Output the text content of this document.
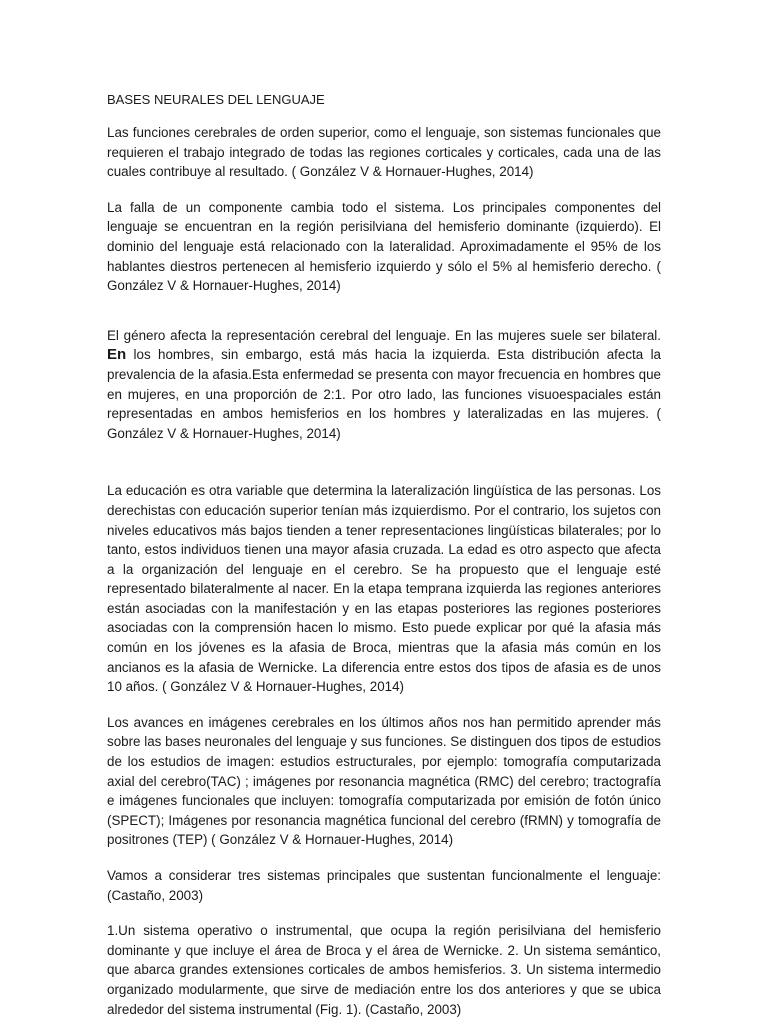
BASES NEURALES DEL LENGUAJE

Las funciones cerebrales de orden superior, como el lenguaje, son sistemas funcionales que requieren el trabajo integrado de todas las regiones corticales y corticales, cada una de las cuales contribuye al resultado. ( González V & Hornauer-Hughes, 2014)

La falla de un componente cambia todo el sistema. Los principales componentes del lenguaje se encuentran en la región perisilviana del hemisferio dominante (izquierdo). El dominio del lenguaje está relacionado con la lateralidad. Aproximadamente el 95% de los hablantes diestros pertenecen al hemisferio izquierdo y sólo el 5% al hemisferio derecho. ( González V & Hornauer-Hughes, 2014)

El género afecta la representación cerebral del lenguaje. En las mujeres suele ser bilateral. En los hombres, sin embargo, está más hacia la izquierda. Esta distribución afecta la prevalencia de la afasia.Esta enfermedad se presenta con mayor frecuencia en hombres que en mujeres, en una proporción de 2:1. Por otro lado, las funciones visuoespaciales están representadas en ambos hemisferios en los hombres y lateralizadas en las mujeres. ( González V & Hornauer-Hughes, 2014)

La educación es otra variable que determina la lateralización lingüística de las personas. Los derechistas con educación superior tenían más izquierdismo. Por el contrario, los sujetos con niveles educativos más bajos tienden a tener representaciones lingüísticas bilaterales; por lo tanto, estos individuos tienen una mayor afasia cruzada. La edad es otro aspecto que afecta a la organización del lenguaje en el cerebro. Se ha propuesto que el lenguaje esté representado bilateralmente al nacer. En la etapa temprana izquierda las regiones anteriores están asociadas con la manifestación y en las etapas posteriores las regiones posteriores asociadas con la comprensión hacen lo mismo. Esto puede explicar por qué la afasia más común en los jóvenes es la afasia de Broca, mientras que la afasia más común en los ancianos es la afasia de Wernicke. La diferencia entre estos dos tipos de afasia es de unos 10 años. ( González V & Hornauer-Hughes, 2014)

Los avances en imágenes cerebrales en los últimos años nos han permitido aprender más sobre las bases neuronales del lenguaje y sus funciones. Se distinguen dos tipos de estudios de los estudios de imagen: estudios estructurales, por ejemplo: tomografía computarizada axial del cerebro(TAC) ; imágenes por resonancia magnética (RMC) del cerebro; tractografía e imágenes funcionales que incluyen: tomografía computarizada por emisión de fotón único (SPECT); Imágenes por resonancia magnética funcional del cerebro (fRMN) y tomografía de positrones (TEP) ( González V & Hornauer-Hughes, 2014)

Vamos a considerar tres sistemas principales que sustentan funcionalmente el lenguaje: (Castaño, 2003)

1.Un sistema operativo o instrumental, que ocupa la región perisilviana del hemisferio dominante y que incluye el área de Broca y el área de Wernicke. 2. Un sistema semántico, que abarca grandes extensiones corticales de ambos hemisferios. 3. Un sistema intermedio organizado modularmente, que sirve de mediación entre los dos anteriores y que se ubica alrededor del sistema instrumental (Fig. 1). (Castaño, 2003)
